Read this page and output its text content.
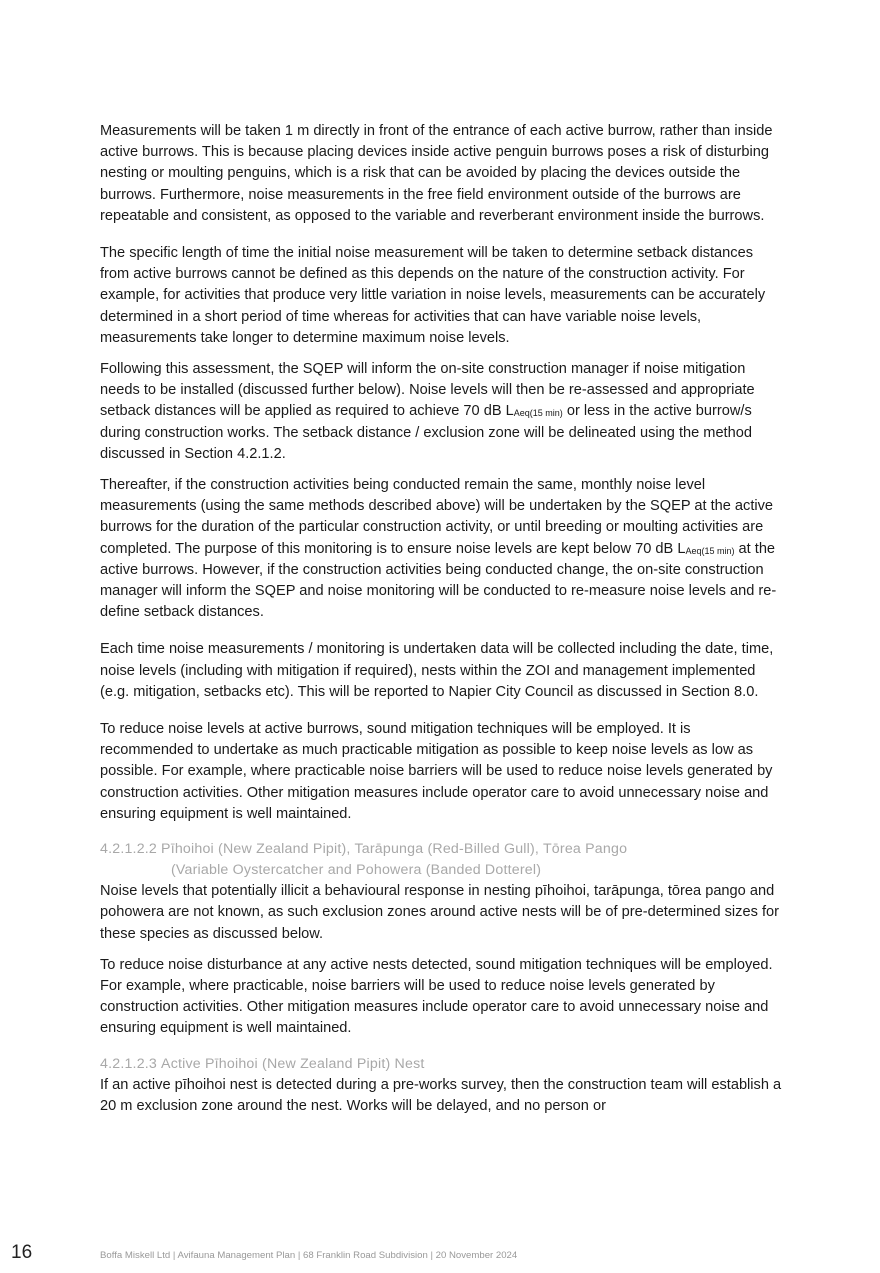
Measurements will be taken 1 m directly in front of the entrance of each active burrow, rather than inside active burrows. This is because placing devices inside active penguin burrows poses a risk of disturbing nesting or moulting penguins, which is a risk that can be avoided by placing the devices outside the burrows. Furthermore, noise measurements in the free field environment outside of the burrows are repeatable and consistent, as opposed to the variable and reverberant environment inside the burrows.

The specific length of time the initial noise measurement will be taken to determine setback distances from active burrows cannot be defined as this depends on the nature of the construction activity. For example, for activities that produce very little variation in noise levels, measurements can be accurately determined in a short period of time whereas for activities that can have variable noise levels, measurements take longer to determine maximum noise levels.

Following this assessment, the SQEP will inform the on-site construction manager if noise mitigation needs to be installed (discussed further below). Noise levels will then be re-assessed and appropriate setback distances will be applied as required to achieve 70 dB $L_{Aeq(15 min)}$ or less in the active burrow/s during construction works. The setback distance / exclusion zone will be delineated using the method discussed in Section 4.2.1.2.

Thereafter, if the construction activities being conducted remain the same, monthly noise level measurements (using the same methods described above) will be undertaken by the SQEP at the active burrows for the duration of the particular construction activity, or until breeding or moulting activities are completed. The purpose of this monitoring is to ensure noise levels are kept below 70 dB $L_{Aeq(15 min)}$ at the active burrows. However, if the construction activities being conducted change, the on-site construction manager will inform the SQEP and noise monitoring will be conducted to re-measure noise levels and re-define setback distances.

Each time noise measurements / monitoring is undertaken data will be collected including the date, time, noise levels (including with mitigation if required), nests within the ZOI and management implemented (e.g. mitigation, setbacks etc). This will be reported to Napier City Council as discussed in Section 8.0.

To reduce noise levels at active burrows, sound mitigation techniques will be employed. It is recommended to undertake as much practicable mitigation as possible to keep noise levels as low as possible. For example, where practicable noise barriers will be used to reduce noise levels generated by construction activities. Other mitigation measures include operator care to avoid unnecessary noise and ensuring equipment is well maintained.

4.2.1.2.2 Pīhoihoi (New Zealand Pipit), Tarāpunga (Red-Billed Gull), Tōrea Pango
(Variable Oystercatcher and Pohowera (Banded Dotterel)

Noise levels that potentially illicit a behavioural response in nesting pīhoihoi, tarāpunga, tōrea pango and pohowera are not known, as such exclusion zones around active nests will be of pre-determined sizes for these species as discussed below.

To reduce noise disturbance at any active nests detected, sound mitigation techniques will be employed. For example, where practicable, noise barriers will be used to reduce noise levels generated by construction activities. Other mitigation measures include operator care to avoid unnecessary noise and ensuring equipment is well maintained.

4.2.1.2.3 Active Pīhoihoi (New Zealand Pipit) Nest

If an active pīhoihoi nest is detected during a pre-works survey, then the construction team will establish a 20 m exclusion zone around the nest. Works will be delayed, and no person or

16	Boffa Miskell Ltd | Avifauna Management Plan | 68 Franklin Road Subdivision | 20 November 2024
